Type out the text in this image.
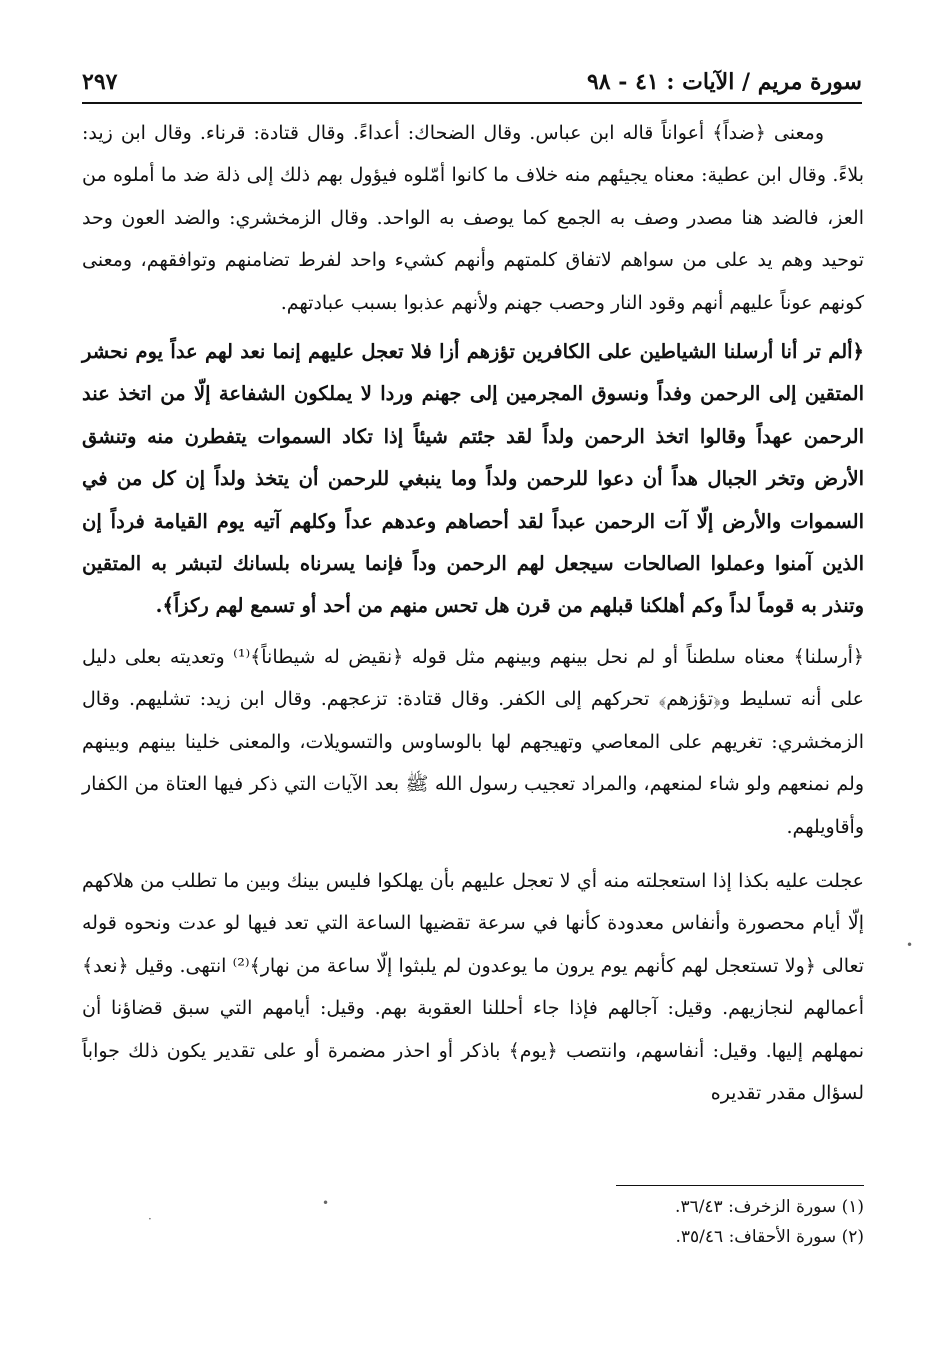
سورة مريم / الآيات : ٤١ - ٩٨
٢٩٧

ومعنى ﴿ضداً﴾ أعواناً قاله ابن عباس. وقال الضحاك: أعداءً. وقال قتادة: قرناء. وقال ابن زيد: بلاءً. وقال ابن عطية: معناه يجيئهم منه خلاف ما كانوا أمّلوه فيؤول بهم ذلك إلى ذلة ضد ما أملوه من العز، فالضد هنا مصدر وصف به الجمع كما يوصف به الواحد. وقال الزمخشري: والضد العون وحد توحيد وهم يد على من سواهم لاتفاق كلمتهم وأنهم كشيء واحد لفرط تضامنهم وتوافقهم، ومعنى كونهم عوناً عليهم أنهم وقود النار وحصب جهنم ولأنهم عذبوا بسبب عبادتهم.

﴿ألم تر أنا أرسلنا الشياطين على الكافرين تؤزهم أزا فلا تعجل عليهم إنما نعد لهم عداً يوم نحشر المتقين إلى الرحمن وفداً ونسوق المجرمين إلى جهنم وردا لا يملكون الشفاعة إلّا من اتخذ عند الرحمن عهداً وقالوا اتخذ الرحمن ولداً لقد جئتم شيئاً إذا تكاد السموات يتفطرن منه وتنشق الأرض وتخر الجبال هداً أن دعوا للرحمن ولداً وما ينبغي للرحمن أن يتخذ ولداً إن كل من في السموات والأرض إلّا آت الرحمن عبداً لقد أحصاهم وعدهم عداً وكلهم آتيه يوم القيامة فرداً إن الذين آمنوا وعملوا الصالحات سيجعل لهم الرحمن وداً فإنما يسرناه بلسانك لتبشر به المتقين وتنذر به قوماً لداً وكم أهلكنا قبلهم من قرن هل تحس منهم من أحد أو تسمع لهم ركزاً﴾.

﴿أرسلنا﴾ معناه سلطناً أو لم نحل بينهم وبينهم مثل قوله ﴿نقيض له شيطاناً﴾⁽¹⁾ وتعديته بعلى دليل على أنه تسليط و﴿تؤزهم﴾ تحركهم إلى الكفر. وقال قتادة: تزعجهم. وقال ابن زيد: تشليهم. وقال الزمخشري: تغريهم على المعاصي وتهيجهم لها بالوساوس والتسويلات، والمعنى خلينا بينهم وبينهم ولم نمنعهم ولو شاء لمنعهم، والمراد تعجيب رسول الله ﷺ بعد الآيات التي ذكر فيها العتاة من الكفار وأقاويلهم.

عجلت عليه بكذا إذا استعجلته منه أي لا تعجل عليهم بأن يهلكوا فليس بينك وبين ما تطلب من هلاكهم إلّا أيام محصورة وأنفاس معدودة كأنها في سرعة تقضيها الساعة التي تعد فيها لو عدت ونحوه قوله تعالى ﴿ولا تستعجل لهم كأنهم يوم يرون ما يوعدون لم يلبثوا إلّا ساعة من نهار﴾⁽²⁾ انتهى. وقيل ﴿نعد﴾ أعمالهم لنجازيهم. وقيل: آجالهم فإذا جاء أحللنا العقوبة بهم. وقيل: أيامهم التي سبق قضاؤنا أن نمهلهم إليها. وقيل: أنفاسهم، وانتصب ﴿يوم﴾ باذكر أو احذر مضمرة أو على تقدير يكون ذلك جواباً لسؤال مقدر تقديره

(١) سورة الزخرف: ٣٦/٤٣.
(٢) سورة الأحقاف: ٣٥/٤٦.
•
·
•
